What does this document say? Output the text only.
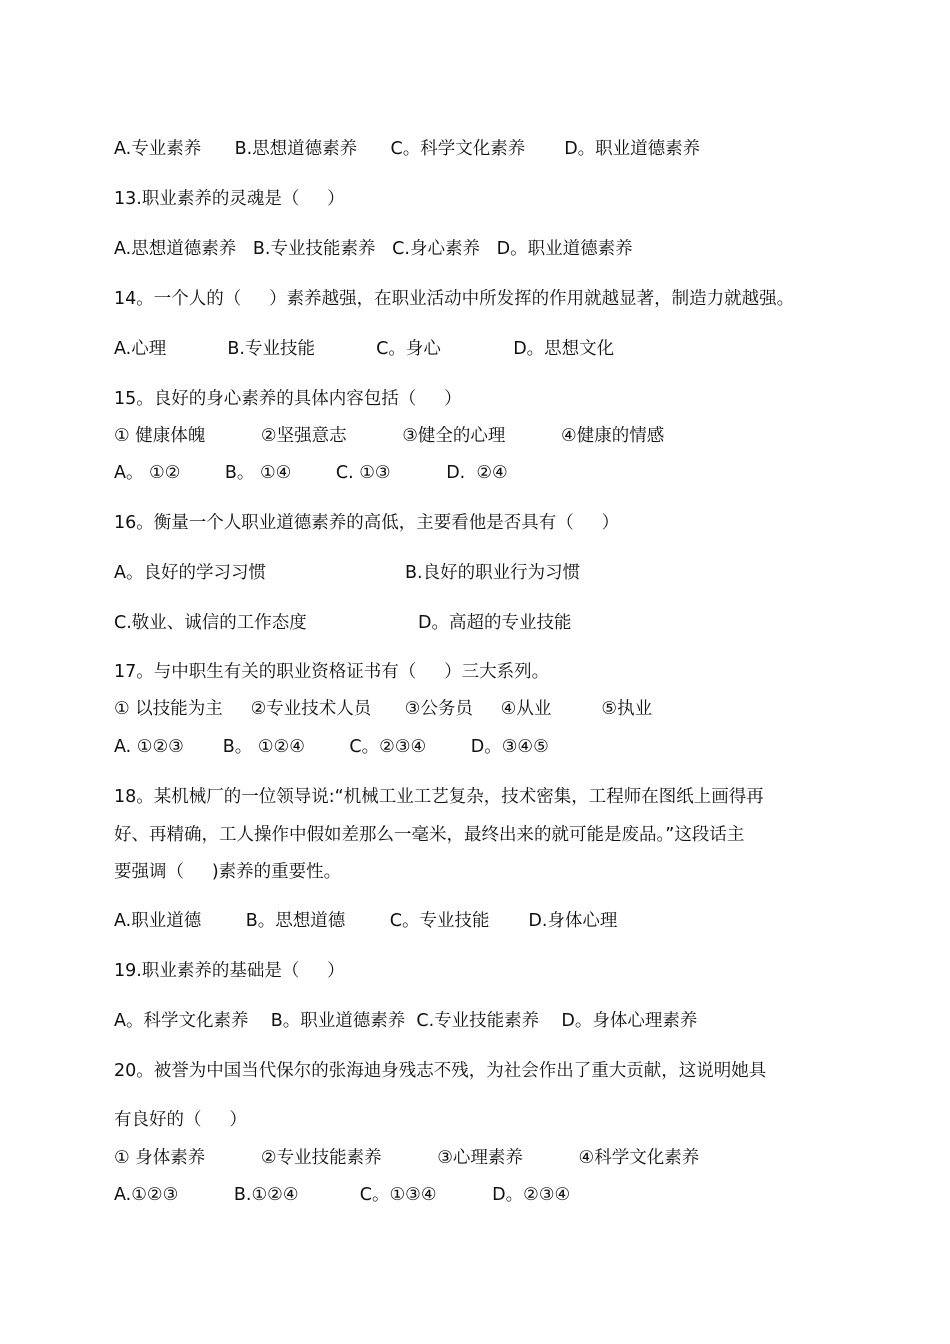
A.专业素养      B.思想道德素养      C。科学文化素养       D。职业道德素养
13.职业素养的灵魂是（     ）
A.思想道德素养   B.专业技能素养   C.身心素养   D。职业道德素养
14。一个人的（     ）素养越强，在职业活动中所发挥的作用就越显著，制造力就越强。
A.心理           B.专业技能           C。身心             D。思想文化
15。良好的身心素养的具体内容包括（     ）
① 健康体魄          ②坚强意志          ③健全的心理          ④健康的情感
A。 ①②        B。 ①④        C. ①③          D.  ②④
16。衡量一个人职业道德素养的高低，主要看他是否具有（     ）
A。良好的学习习惯                         B.良好的职业行为习惯
C.敬业、诚信的工作态度                    D。高超的专业技能
17。与中职生有关的职业资格证书有（     ）三大系列。
① 以技能为主     ②专业技术人员      ③公务员     ④从业         ⑤执业
A. ①②③       B。 ①②④        C。②③④        D。③④⑤
18。某机械厂的一位领导说:“机械工业工艺复杂，技术密集，工程师在图纸上画得再
好、再精确，工人操作中假如差那么一毫米，最终出来的就可能是废品。”这段话主
要强调（     )素养的重要性。
A.职业道德        B。思想道德        C。专业技能       D.身体心理
19.职业素养的基础是（     ）
A。科学文化素养    B。职业道德素养  C.专业技能素养    D。身体心理素养
20。被誉为中国当代保尔的张海迪身残志不残，为社会作出了重大贡献，这说明她具
有良好的（     ）
① 身体素养          ②专业技能素养          ③心理素养          ④科学文化素养
A.①②③          B.①②④           C。①③④          D。②③④
